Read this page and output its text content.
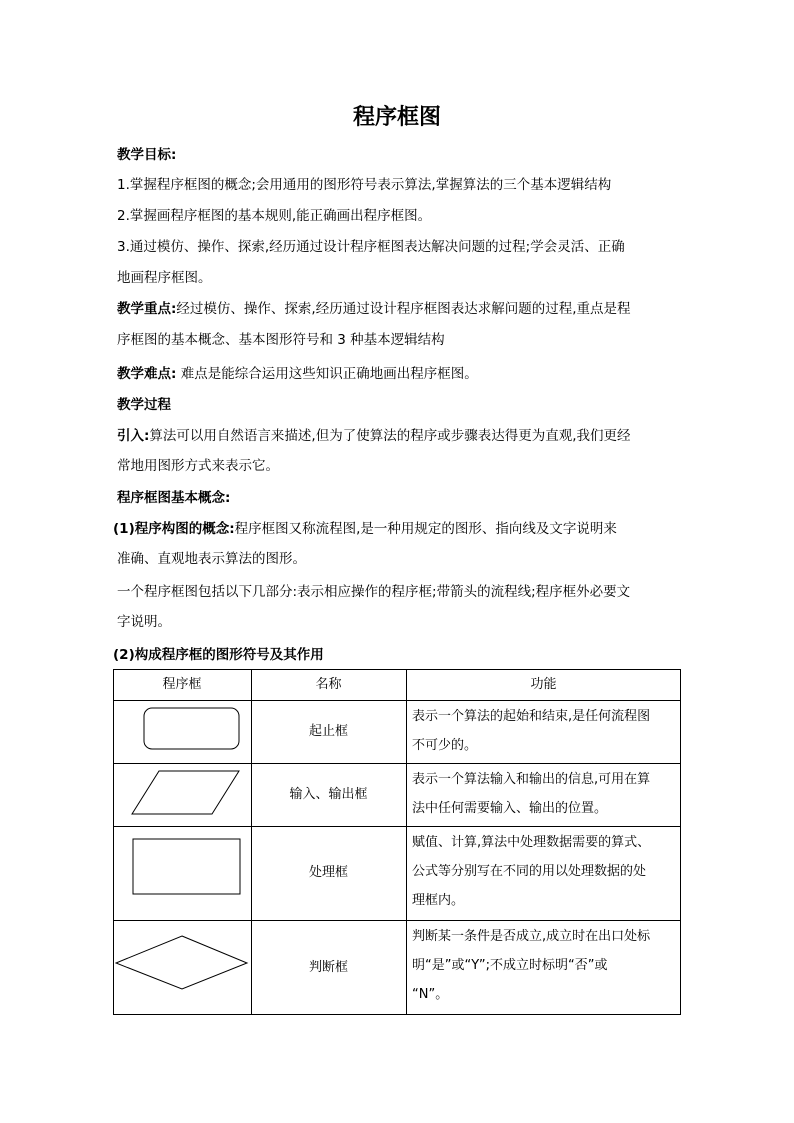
程序框图
教学目标:
1.掌握程序框图的概念;会用通用的图形符号表示算法,掌握算法的三个基本逻辑结构
2.掌握画程序框图的基本规则,能正确画出程序框图。
3.通过模仿、操作、探索,经历通过设计程序框图表达解决问题的过程;学会灵活、正确
地画程序框图。
教学重点:经过模仿、操作、探索,经历通过设计程序框图表达求解问题的过程,重点是程
序框图的基本概念、基本图形符号和 3 种基本逻辑结构
教学难点: 难点是能综合运用这些知识正确地画出程序框图。
教学过程
引入:算法可以用自然语言来描述,但为了使算法的程序或步骤表达得更为直观,我们更经
常地用图形方式来表示它。
程序框图基本概念:
(1)程序构图的概念:程序框图又称流程图,是一种用规定的图形、指向线及文字说明来
准确、直观地表示算法的图形。
一个程序框图包括以下几部分:表示相应操作的程序框;带箭头的流程线;程序框外必要文
字说明。
(2)构成程序框的图形符号及其作用
程序框	名称	功能
起止框
表示一个算法的起始和结束,是任何流程图
不可少的。
输入、输出框
表示一个算法输入和输出的信息,可用在算
法中任何需要输入、输出的位置。
处理框
赋值、计算,算法中处理数据需要的算式、
公式等分别写在不同的用以处理数据的处
理框内。
判断框
判断某一条件是否成立,成立时在出口处标
明“是”或“Y”;不成立时标明“否”或
“N”。
